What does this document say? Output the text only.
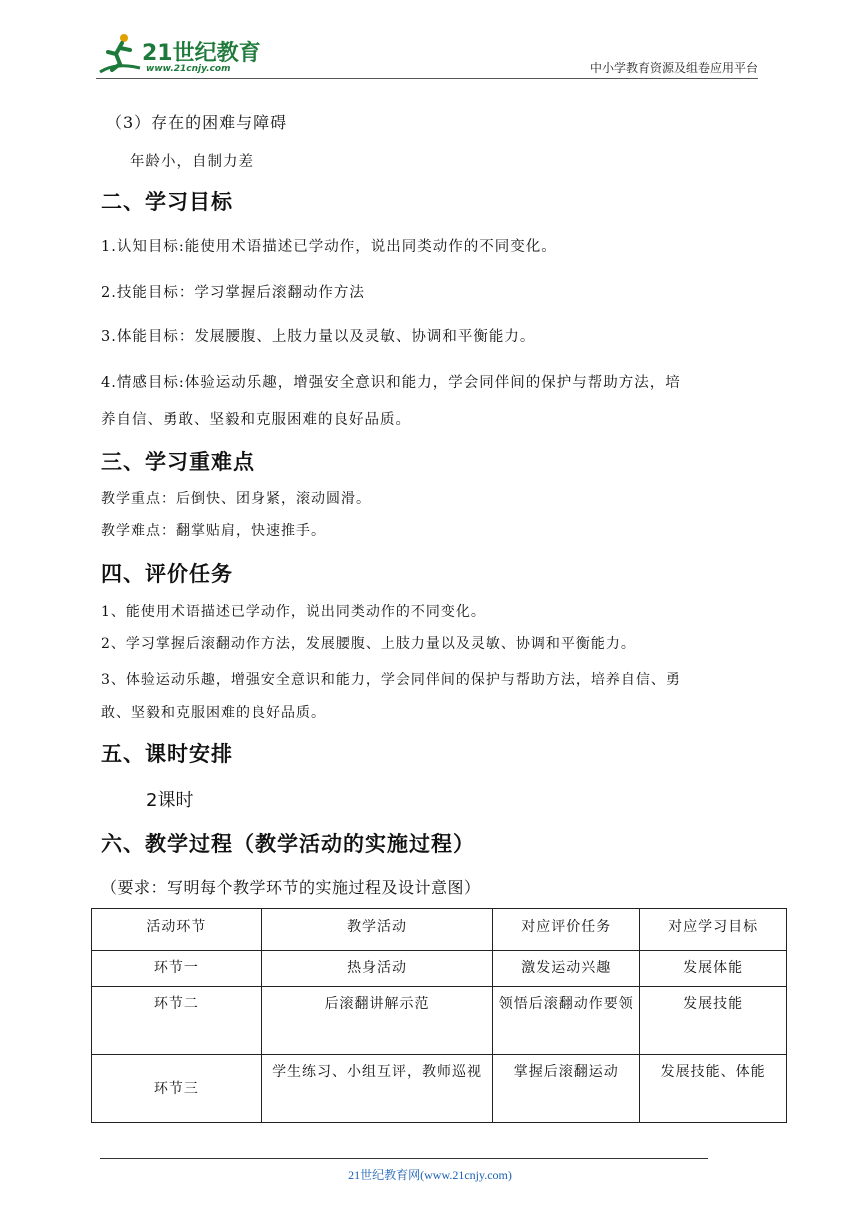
21世纪教育
www.21cnjy.com	中小学教育资源及组卷应用平台
（3）存在的困难与障碍
年龄小，自制力差
二、学习目标
1.认知目标:能使用术语描述已学动作，说出同类动作的不同变化。
2.技能目标：学习掌握后滚翻动作方法
3.体能目标：发展腰腹、上肢力量以及灵敏、协调和平衡能力。
4.情感目标:体验运动乐趣，增强安全意识和能力，学会同伴间的保护与帮助方法，培
养自信、勇敢、坚毅和克服困难的良好品质。
三、学习重难点
教学重点：后倒快、团身紧，滚动圆滑。
教学难点：翻掌贴肩，快速推手。
四、评价任务
1、能使用术语描述已学动作，说出同类动作的不同变化。
2、学习掌握后滚翻动作方法，发展腰腹、上肢力量以及灵敏、协调和平衡能力。
3、体验运动乐趣，增强安全意识和能力，学会同伴间的保护与帮助方法，培养自信、勇
敢、坚毅和克服困难的良好品质。
五、课时安排
2课时
六、教学过程（教学活动的实施过程）
（要求：写明每个教学环节的实施过程及设计意图）
活动环节	教学活动	对应评价任务	对应学习目标
环节一	热身活动	激发运动兴趣	发展体能
环节二	后滚翻讲解示范	领悟后滚翻动作要领	发展技能
环节三	学生练习、小组互评，教师巡视	掌握后滚翻运动	发展技能、体能
21世纪教育网(www.21cnjy.com)
